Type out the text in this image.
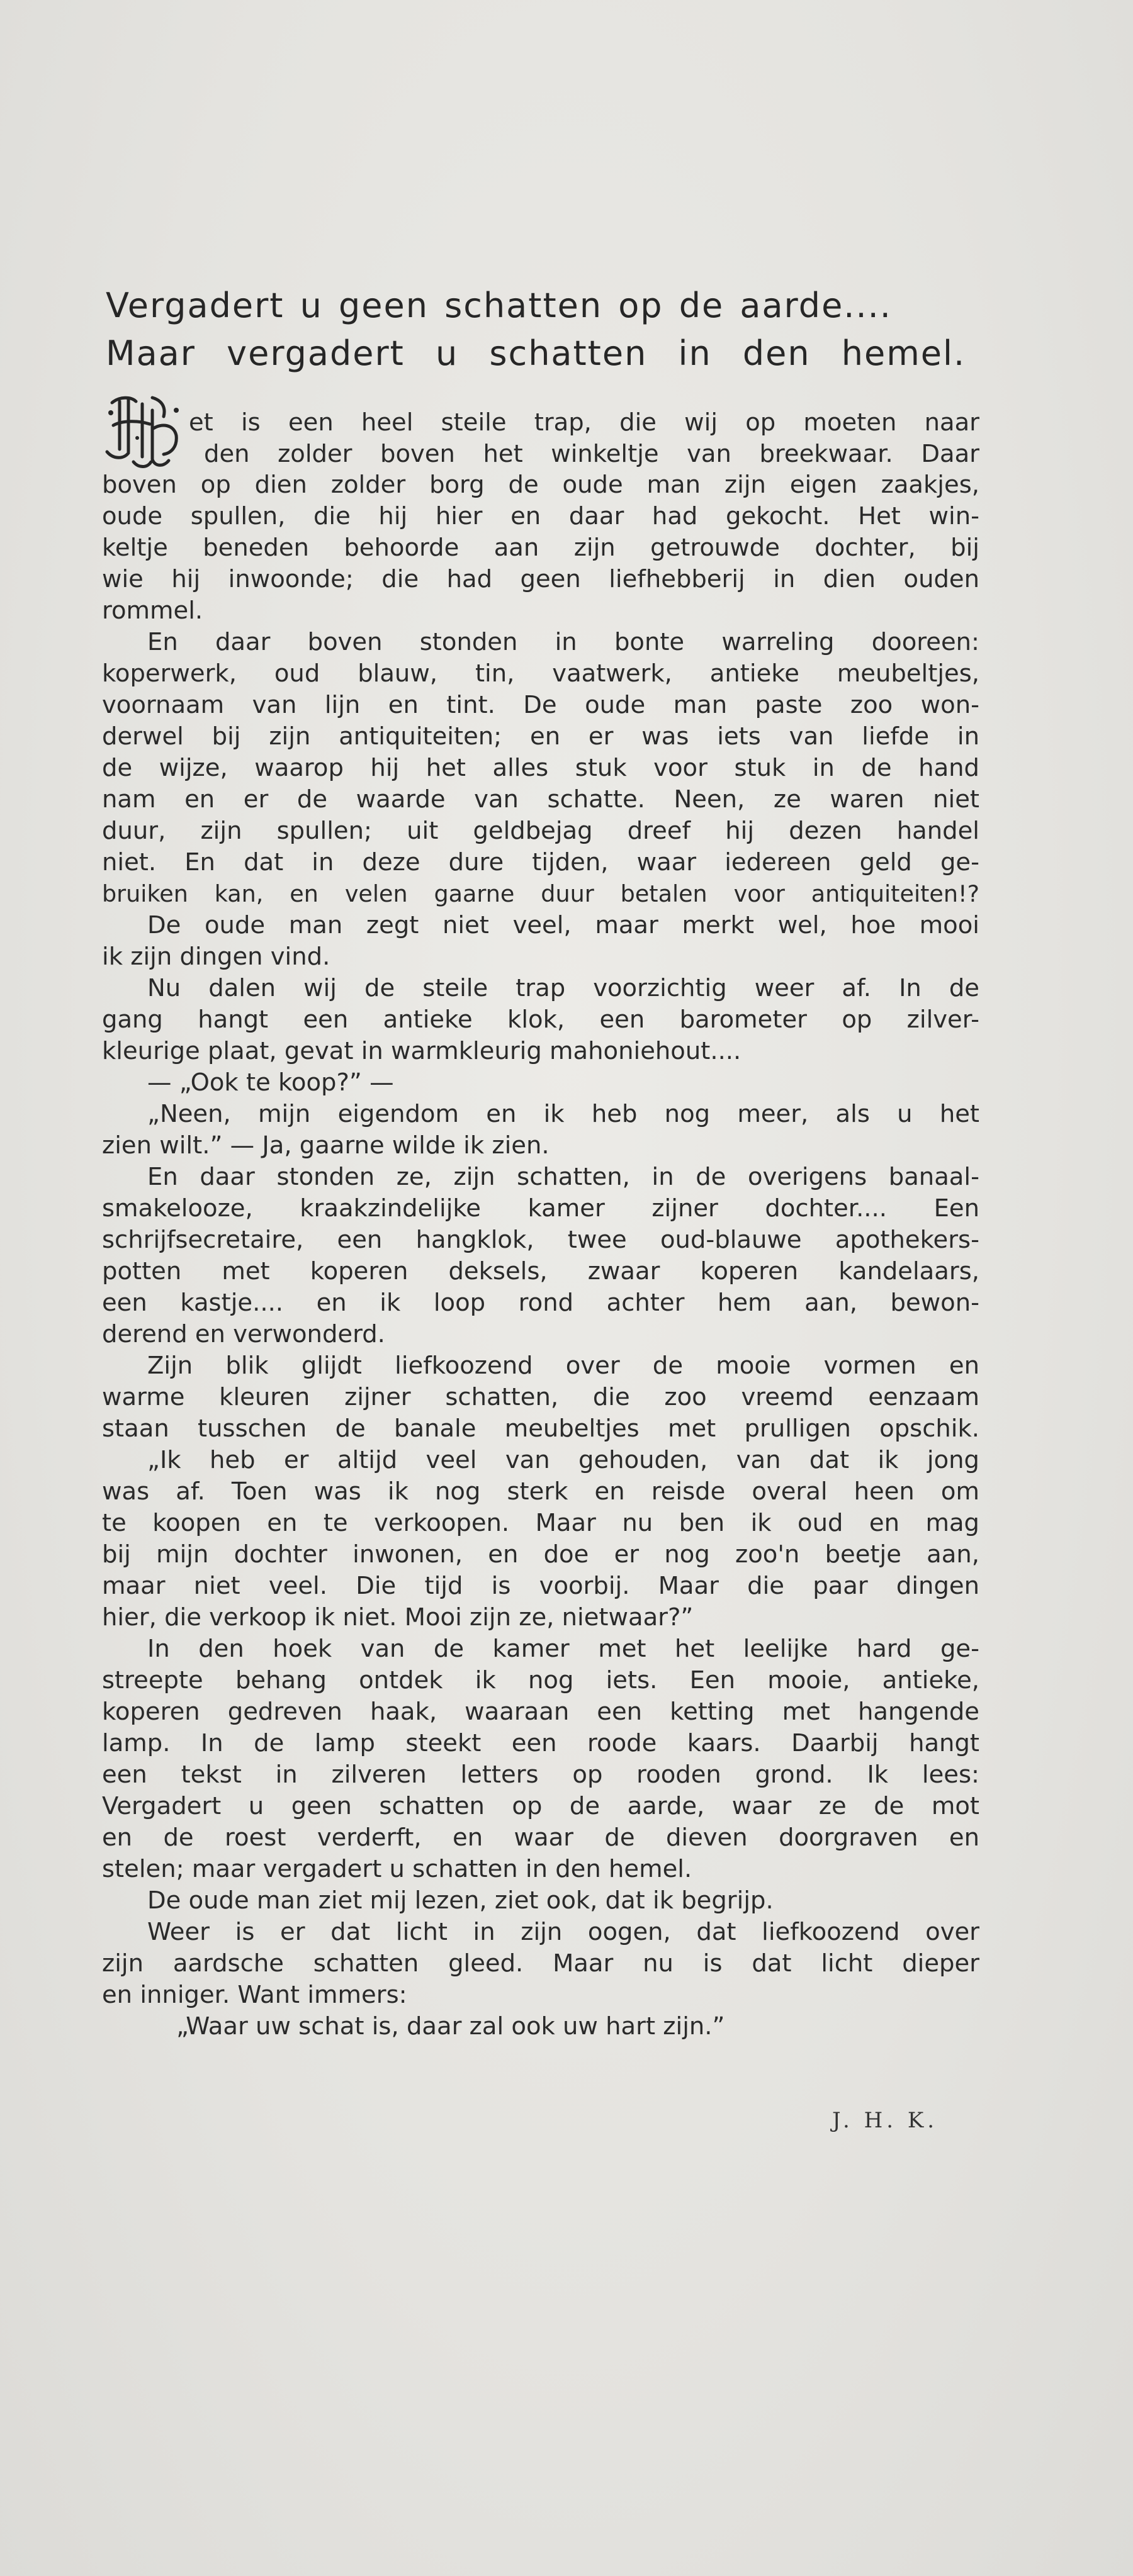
Vergadert u geen schatten op de aarde....
Maar vergadert u schatten in den hemel.
et is een heel steile trap, die wij op moeten naar
den zolder boven het winkeltje van breekwaar. Daar
boven op dien zolder borg de oude man zijn eigen zaakjes,
oude spullen, die hij hier en daar had gekocht. Het win-
keltje beneden behoorde aan zijn getrouwde dochter, bij
wie hij inwoonde; die had geen liefhebberij in dien ouden
rommel.
En daar boven stonden in bonte warreling dooreen:
koperwerk, oud blauw, tin, vaatwerk, antieke meubeltjes,
voornaam van lijn en tint. De oude man paste zoo won-
derwel bij zijn antiquiteiten; en er was iets van liefde in
de wijze, waarop hij het alles stuk voor stuk in de hand
nam en er de waarde van schatte. Neen, ze waren niet
duur, zijn spullen; uit geldbejag dreef hij dezen handel
niet. En dat in deze dure tijden, waar iedereen geld ge-
bruiken kan, en velen gaarne duur betalen voor antiquiteiten!?
De oude man zegt niet veel, maar merkt wel, hoe mooi
ik zijn dingen vind.
Nu dalen wij de steile trap voorzichtig weer af. In de
gang hangt een antieke klok, een barometer op zilver-
kleurige plaat, gevat in warmkleurig mahoniehout....
— „Ook te koop?” —
„Neen, mijn eigendom en ik heb nog meer, als u het
zien wilt.” — Ja, gaarne wilde ik zien.
En daar stonden ze, zijn schatten, in de overigens banaal-
smakelooze, kraakzindelijke kamer zijner dochter.... Een
schrijfsecretaire, een hangklok, twee oud-blauwe apothekers-
potten met koperen deksels, zwaar koperen kandelaars,
een kastje.... en ik loop rond achter hem aan, bewon-
derend en verwonderd.
Zijn blik glijdt liefkoozend over de mooie vormen en
warme kleuren zijner schatten, die zoo vreemd eenzaam
staan tusschen de banale meubeltjes met prulligen opschik.
„Ik heb er altijd veel van gehouden, van dat ik jong
was af. Toen was ik nog sterk en reisde overal heen om
te koopen en te verkoopen. Maar nu ben ik oud en mag
bij mijn dochter inwonen, en doe er nog zoo'n beetje aan,
maar niet veel. Die tijd is voorbij. Maar die paar dingen
hier, die verkoop ik niet. Mooi zijn ze, nietwaar?”
In den hoek van de kamer met het leelijke hard ge-
streepte behang ontdek ik nog iets. Een mooie, antieke,
koperen gedreven haak, waaraan een ketting met hangende
lamp. In de lamp steekt een roode kaars. Daarbij hangt
een tekst in zilveren letters op rooden grond. Ik lees:
Vergadert u geen schatten op de aarde, waar ze de mot
en de roest verderft, en waar de dieven doorgraven en
stelen; maar vergadert u schatten in den hemel.
De oude man ziet mij lezen, ziet ook, dat ik begrijp.
Weer is er dat licht in zijn oogen, dat liefkoozend over
zijn aardsche schatten gleed. Maar nu is dat licht dieper
en inniger. Want immers:
„Waar uw schat is, daar zal ook uw hart zijn.”
J. H. K.
